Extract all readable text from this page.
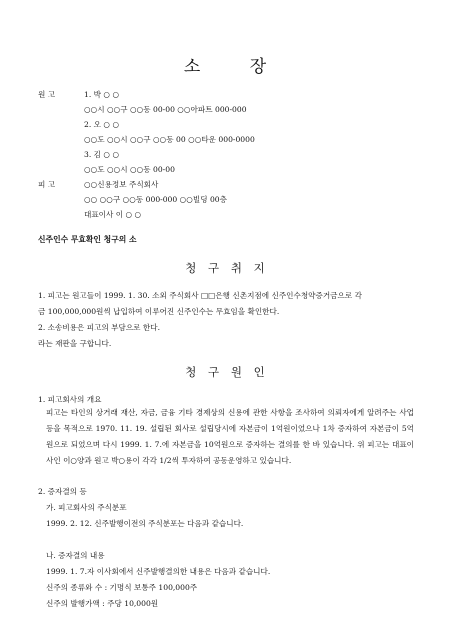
소 장
원 고	1. 박 ○ ○
○○시 ○○구 ○○동 00-00 ○○아파트 000-000
2. 오 ○ ○
○○도 ○○시 ○○구 ○○동 00 ○○타운 000-0000
3. 김 ○ ○
○○도 ○○시 ○○동 00-00
피 고	○○신용정보 주식회사
○○ ○○구 ○○동 000-000 ○○빌딩 00층
대표이사 이 ○ ○
신주인수 무효확인 청구의 소
청 구 취 지
1. 피고는 원고들이 1999. 1. 30. 소외 주식회사 □□은행 신촌지점에 신주인수청약증거금으로 각
금 100,000,000원씩 납입하여 이루어진 신주인수는 무효임을 확인한다.
2. 소송비용은 피고의 부담으로 한다.
라는 재판을 구합니다.
청 구 원 인
1. 피고회사의 개요
피고는 타인의 상거래 재산, 자금, 금융 기타 경제상의 신용에 관한 사항을 조사하여 의뢰자에게 알려주는 사업 등을 목적으로 1970. 11. 19. 설립된 회사로 설립당시에 자본금이 1억원이었으나 1차 증자하여 자본금이 5억원으로 되었으며 다시 1999. 1. 7.에 자본금을 10억원으로 증자하는 결의를 한 바 있습니다. 위 피고는 대표이사인 이○양과 원고 박○용이 각각 1/2씩 투자하여 공동운영하고 있습니다.
2. 증자결의 등
가. 피고회사의 주식분포
1999. 2. 12. 신주발행이전의 주식분포는 다음과 같습니다.
나. 증자결의 내용
1999. 1. 7.자 이사회에서 신주발행결의한 내용은 다음과 같습니다.
신주의 종류와 수 : 기명식 보통주 100,000주
신주의 발행가액 : 주당 10,000원
